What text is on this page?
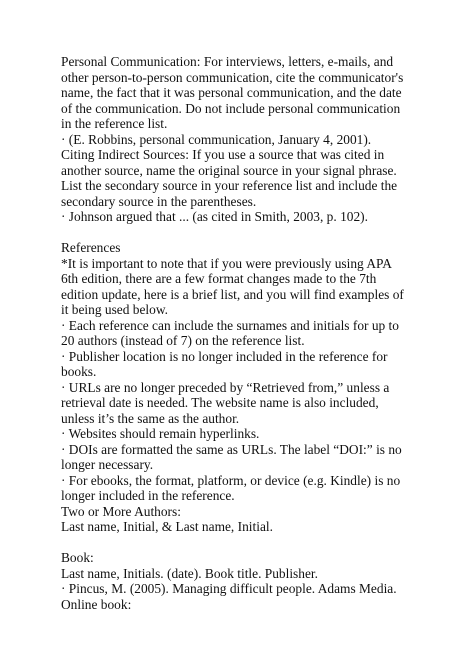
Personal Communication: For interviews, letters, e-mails, and
other person-to-person communication, cite the communicator's
name, the fact that it was personal communication, and the date
of the communication. Do not include personal communication
in the reference list.
· (E. Robbins, personal communication, January 4, 2001).
Citing Indirect Sources: If you use a source that was cited in
another source, name the original source in your signal phrase.
List the secondary source in your reference list and include the
secondary source in the parentheses.
· Johnson argued that ... (as cited in Smith, 2003, p. 102).
References
*It is important to note that if you were previously using APA
6th edition, there are a few format changes made to the 7th
edition update, here is a brief list, and you will find examples of
it being used below.
· Each reference can include the surnames and initials for up to
20 authors (instead of 7) on the reference list.
· Publisher location is no longer included in the reference for
books.
· URLs are no longer preceded by “Retrieved from,” unless a
retrieval date is needed. The website name is also included,
unless it’s the same as the author.
· Websites should remain hyperlinks.
· DOIs are formatted the same as URLs. The label “DOI:” is no
longer necessary.
· For ebooks, the format, platform, or device (e.g. Kindle) is no
longer included in the reference.
Two or More Authors:
Last name, Initial, & Last name, Initial.
Book:
Last name, Initials. (date). Book title. Publisher.
· Pincus, M. (2005). Managing difficult people. Adams Media.
Online book:
